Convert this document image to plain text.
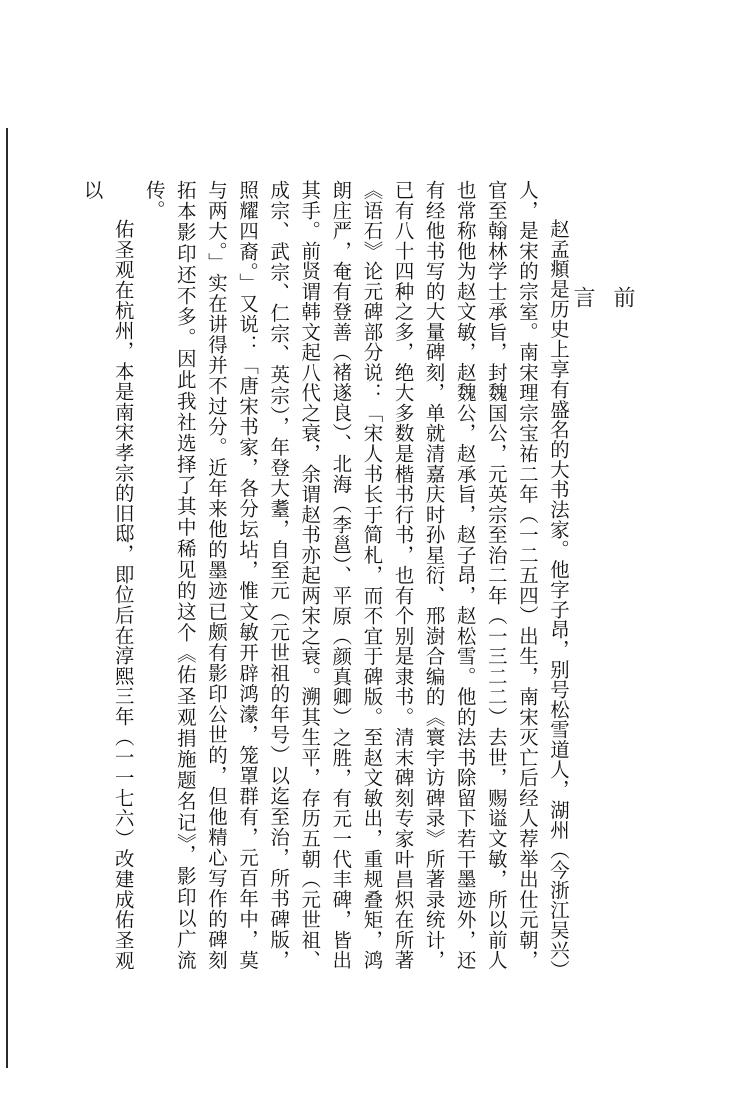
前 言

赵孟頫是历史上享有盛名的大书法家。他字子昂，别号松雪道人，湖州（今浙江吴兴）人，是宋的宗室。南宋理宗宝祐二年（一二五四）出生，南宋灭亡后经人荐举出仕元朝，官至翰林学士承旨，封魏国公，元英宗至治二年（一三二二）去世，赐谥文敏，所以前人也常称他为赵文敏，赵魏公，赵承旨，赵子昂，赵松雪。他的法书除留下若干墨迹外，还有经他书写的大量碑刻，单就清嘉庆时孙星衍、邢澍合编的《寰宇访碑录》所著录统计，已有八十四种之多，绝大多数是楷书行书，也有个别是隶书。清末碑刻专家叶昌炽在所著《语石》论元碑部分说：「宋人书长于简札，而不宜于碑版。至赵文敏出，重规叠矩，鸿朗庄严，奄有登善（褚遂良）、北海（李邕）、平原（颜真卿）之胜，有元一代丰碑，皆出其手。前贤谓韩文起八代之衰，余谓赵书亦起两宋之衰。溯其生平，存历五朝（元世祖、成宗、武宗、仁宗、英宗），年登大耋，自至元（元世祖的年号）以迄至治，所书碑版，照耀四裔。」又说：「唐宋书家，各分坛坫，惟文敏开辟鸿濛，笼罩群有，元百年中，莫与两大。」实在讲得并不过分。近年来他的墨迹已颇有影印公世的，但他精心写作的碑刻拓本影印还不多。因此我社选择了其中稀见的这个《佑圣观捐施题名记》，影印以广流传。

佑圣观在杭州，本是南宋孝宗的旧邸，即位后在淳熙三年（一一七六）改建成佑圣观以
